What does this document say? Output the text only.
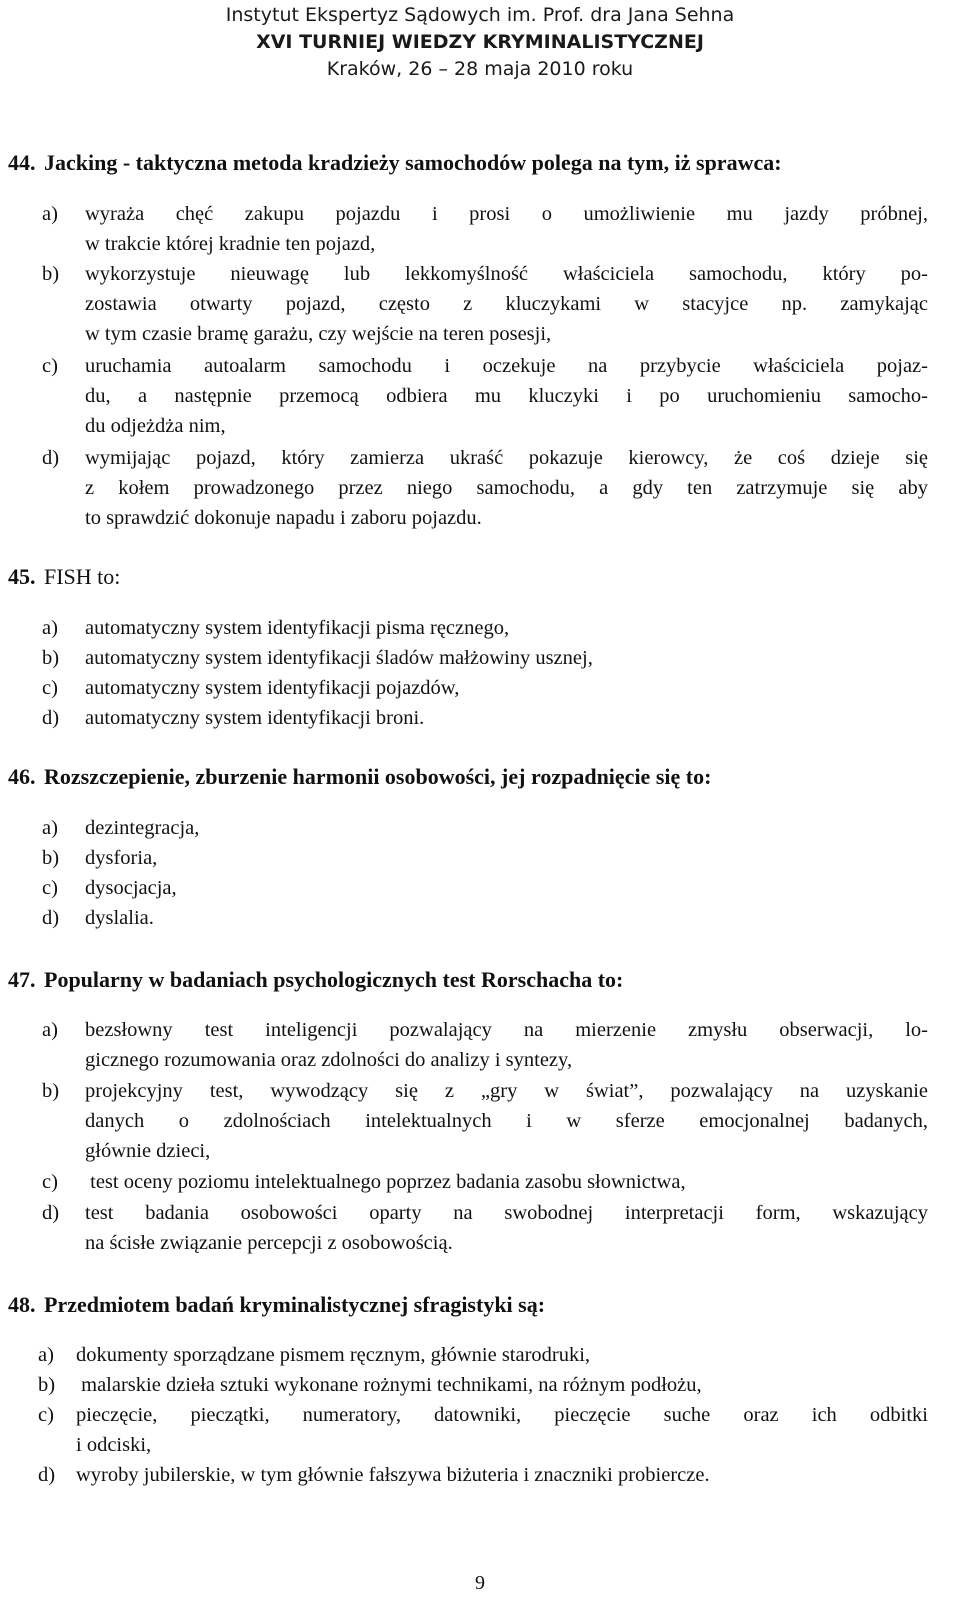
Instytut Ekspertyz Sądowych im. Prof. dra Jana Sehna
XVI TURNIEJ WIEDZY KRYMINALISTYCZNEJ
Kraków, 26 – 28 maja 2010 roku
44. Jacking - taktyczna metoda kradzieży samochodów polega na tym, iż sprawca:
a) wyraża chęć zakupu pojazdu i prosi o umożliwienie mu jazdy próbnej,
w trakcie której kradnie ten pojazd,
b) wykorzystuje nieuwagę lub lekkomyślność właściciela samochodu, który po-
zostawia otwarty pojazd, często z kluczykami w stacyjce np. zamykając
w tym czasie bramę garażu, czy wejście na teren posesji,
c) uruchamia autoalarm samochodu i oczekuje na przybycie właściciela pojaz-
du, a następnie przemocą odbiera mu kluczyki i po uruchomieniu samocho-
du odjeżdża nim,
d) wymijając pojazd, który zamierza ukraść pokazuje kierowcy, że coś dzieje się
z kołem prowadzonego przez niego samochodu, a gdy ten zatrzymuje się aby
to sprawdzić dokonuje napadu i zaboru pojazdu.
45. FISH to:
a) automatyczny system identyfikacji pisma ręcznego,
b) automatyczny system identyfikacji śladów małżowiny usznej,
c) automatyczny system identyfikacji pojazdów,
d) automatyczny system identyfikacji broni.
46. Rozszczepienie, zburzenie harmonii osobowości, jej rozpadnięcie się to:
a) dezintegracja,
b) dysforia,
c) dysocjacja,
d) dyslalia.
47. Popularny w badaniach psychologicznych test Rorschacha to:
a) bezsłowny test inteligencji pozwalający na mierzenie zmysłu obserwacji, lo-
gicznego rozumowania oraz zdolności do analizy i syntezy,
b) projekcyjny test, wywodzący się z „gry w świat”, pozwalający na uzyskanie
danych o zdolnościach intelektualnych i w sferze emocjonalnej badanych,
głównie dzieci,
c) test oceny poziomu intelektualnego poprzez badania zasobu słownictwa,
d) test badania osobowości oparty na swobodnej interpretacji form, wskazujący
na ścisłe związanie percepcji z osobowością.
48. Przedmiotem badań kryminalistycznej sfragistyki są:
a) dokumenty sporządzane pismem ręcznym, głównie starodruki,
b) malarskie dzieła sztuki wykonane rożnymi technikami, na różnym podłożu,
c) pieczęcie, pieczątki, numeratory, datowniki, pieczęcie suche oraz ich odbitki
i odciski,
d) wyroby jubilerskie, w tym głównie fałszywa biżuteria i znaczniki probiercze.
9
